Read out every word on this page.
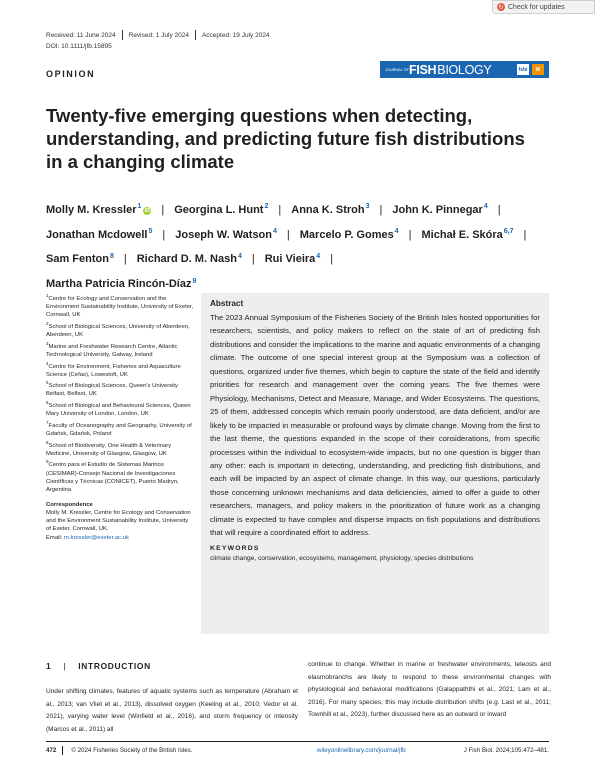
↻ Check for updates
Received: 11 June 2024 Revised: 1 July 2024 Accepted: 19 July 2024
DOI: 10.1111/jfb.15895
OPINION	JOURNAL OF FISH BIOLOGY	fsbi	W
Twenty-five emerging questions when detecting, understanding, and predicting future fish distributions in a changing climate
Molly M. Kressler$^1$iD | Georgina L. Hunt$^2$ | Anna K. Stroh$^3$ | John K. Pinnegar$^4$ |
Jonathan Mcdowell$^5$ | Joseph W. Watson$^4$ | Marcelo P. Gomes$^4$ | Michał E. Skóra$^{6,7}$ |
Sam Fenton$^8$ | Richard D. M. Nash$^4$ | Rui Vieira$^4$ |
Martha Patricia Rincón-Díaz$^9$
$^1$Centre for Ecology and Conservation and the Environment Sustainability Institute, University of Exeter, Cornwall, UK
$^2$School of Biological Sciences, University of Aberdeen, Aberdeen, UK
$^3$Marine and Freshwater Research Centre, Atlantic Technological University, Galway, Ireland
$^4$Centre for Environment, Fisheries and Aquaculture Science (Cefas), Lowestoft, UK
$^5$School of Biological Sciences, Queen's University Belfast, Belfast, UK
$^6$School of Biological and Behavioural Sciences, Queen Mary University of London, London, UK
$^7$Faculty of Oceanography and Geography, University of Gdańsk, Gdańsk, Poland
$^8$School of Biodiversity, One Health & Veterinary Medicine, University of Glasgow, Glasgow, UK
$^9$Centro para el Estudio de Sistemas Marinos (CESIMAR)-Consejo Nacional de Investigaciones Científicas y Técnicas (CONICET), Puerto Madryn, Argentina
Correspondence
Molly M. Kressler, Centre for Ecology and Conservation and the Environment Sustainability Institute, University of Exeter, Cornwall, UK.
Email: m.kressler@exeter.ac.uk
Abstract
The 2023 Annual Symposium of the Fisheries Society of the British Isles hosted opportunities for researchers, scientists, and policy makers to reflect on the state of art of predicting fish distributions and consider the implications to the marine and aquatic environments of a changing climate. The outcome of one special interest group at the Symposium was a collection of questions, organized under five themes, which begin to capture the state of the field and identify priorities for research and management over the coming years. The five themes were Physiology, Mechanisms, Detect and Measure, Manage, and Wider Ecosystems. The questions, 25 of them, addressed concepts which remain poorly understood, are data deficient, and/or are likely to be impacted in measurable or profound ways by climate change. Moving from the first to the last theme, the questions expanded in the scope of their considerations, from specific processes within the individual to ecosystem-wide impacts, but no one question is bigger than any other: each is important in detecting, understanding, and predicting fish distributions, and each will be impacted by an aspect of climate change. In this way, our questions, particularly those concerning unknown mechanisms and data deficiencies, aimed to offer a guide to other researchers, managers, and policy makers in the prioritization of future work as a changing climate is expected to have complex and disperse impacts on fish populations and distributions that will require a coordinated effort to address.
KEYWORDS
climate change, conservation, ecosystems, management, physiology, species distributions
1 | INTRODUCTION
Under shifting climates, features of aquatic systems such as temperature (Abraham et al., 2013; van Vliet et al., 2013), dissolved oxygen (Keeling et al., 2010; Vedor et al. 2021), varying water level (Winfield et al., 2016), and storm frequency or intensity (Marcos et al., 2011) all
continue to change. Whether in marine or freshwater environments, teleosts and elasmobranchs are likely to respond to these environmental changes with physiological and behavioral modifications (Galappaththi et al., 2021; Lam et al., 2016). For many species, this may include distribution shifts (e.g. Last et al., 2011; Townhill et al., 2023), further discussed here as an outward or inward
472 © 2024 Fisheries Society of the British Isles.	wileyonlinelibrary.com/journal/jfb	J Fish Biol. 2024;105:472–481.
